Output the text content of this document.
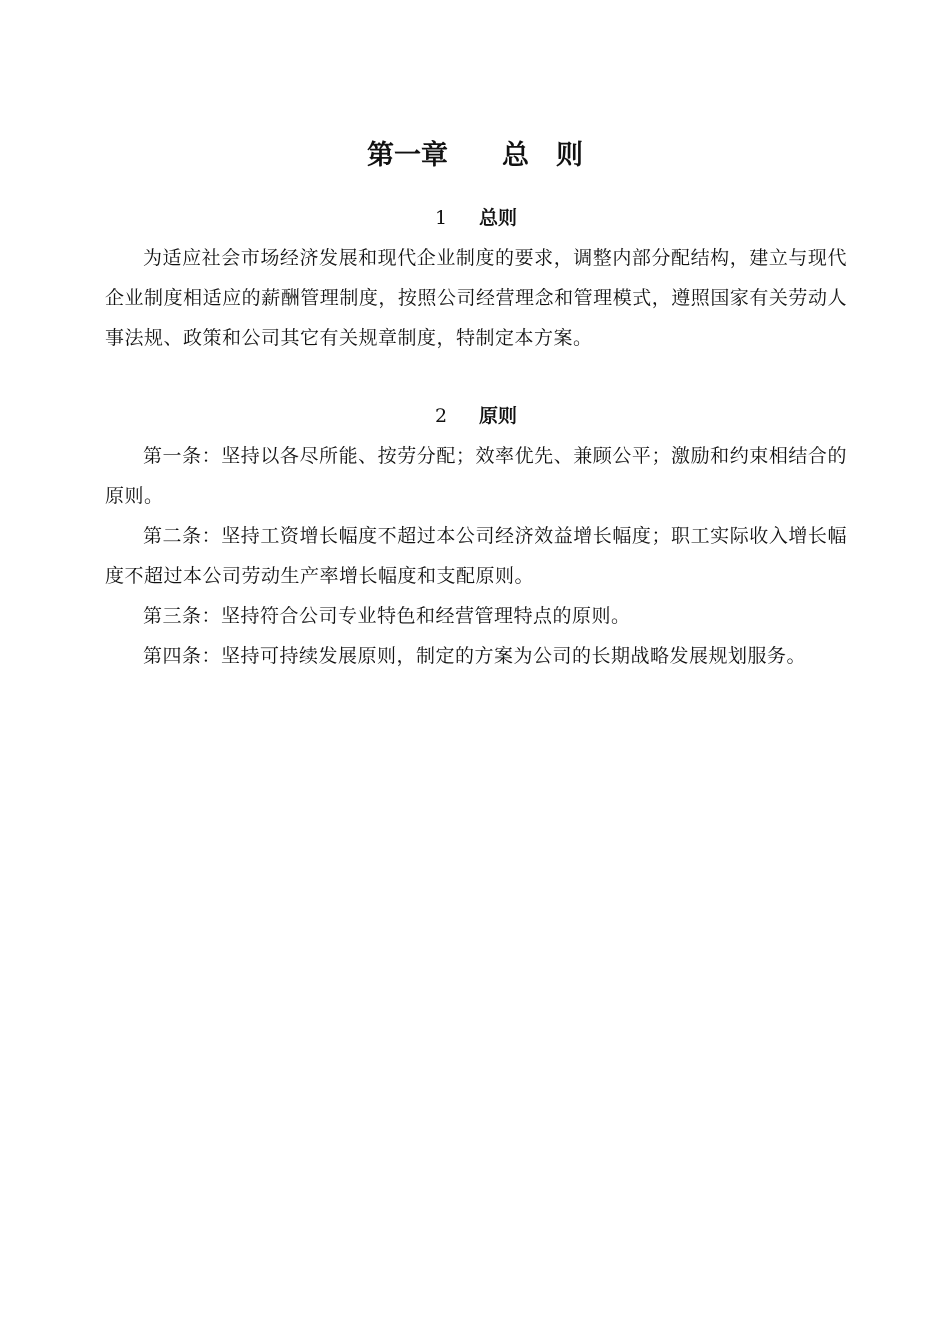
第一章　　总　则
1 总则

为适应社会市场经济发展和现代企业制度的要求，调整内部分配结构，建立与现代企业制度相适应的薪酬管理制度，按照公司经营理念和管理模式，遵照国家有关劳动人事法规、政策和公司其它有关规章制度，特制定本方案。

2 原则

第一条：坚持以各尽所能、按劳分配；效率优先、兼顾公平；激励和约束相结合的原则。

第二条：坚持工资增长幅度不超过本公司经济效益增长幅度；职工实际收入增长幅度不超过本公司劳动生产率增长幅度和支配原则。

第三条：坚持符合公司专业特色和经营管理特点的原则。

第四条：坚持可持续发展原则，制定的方案为公司的长期战略发展规划服务。
